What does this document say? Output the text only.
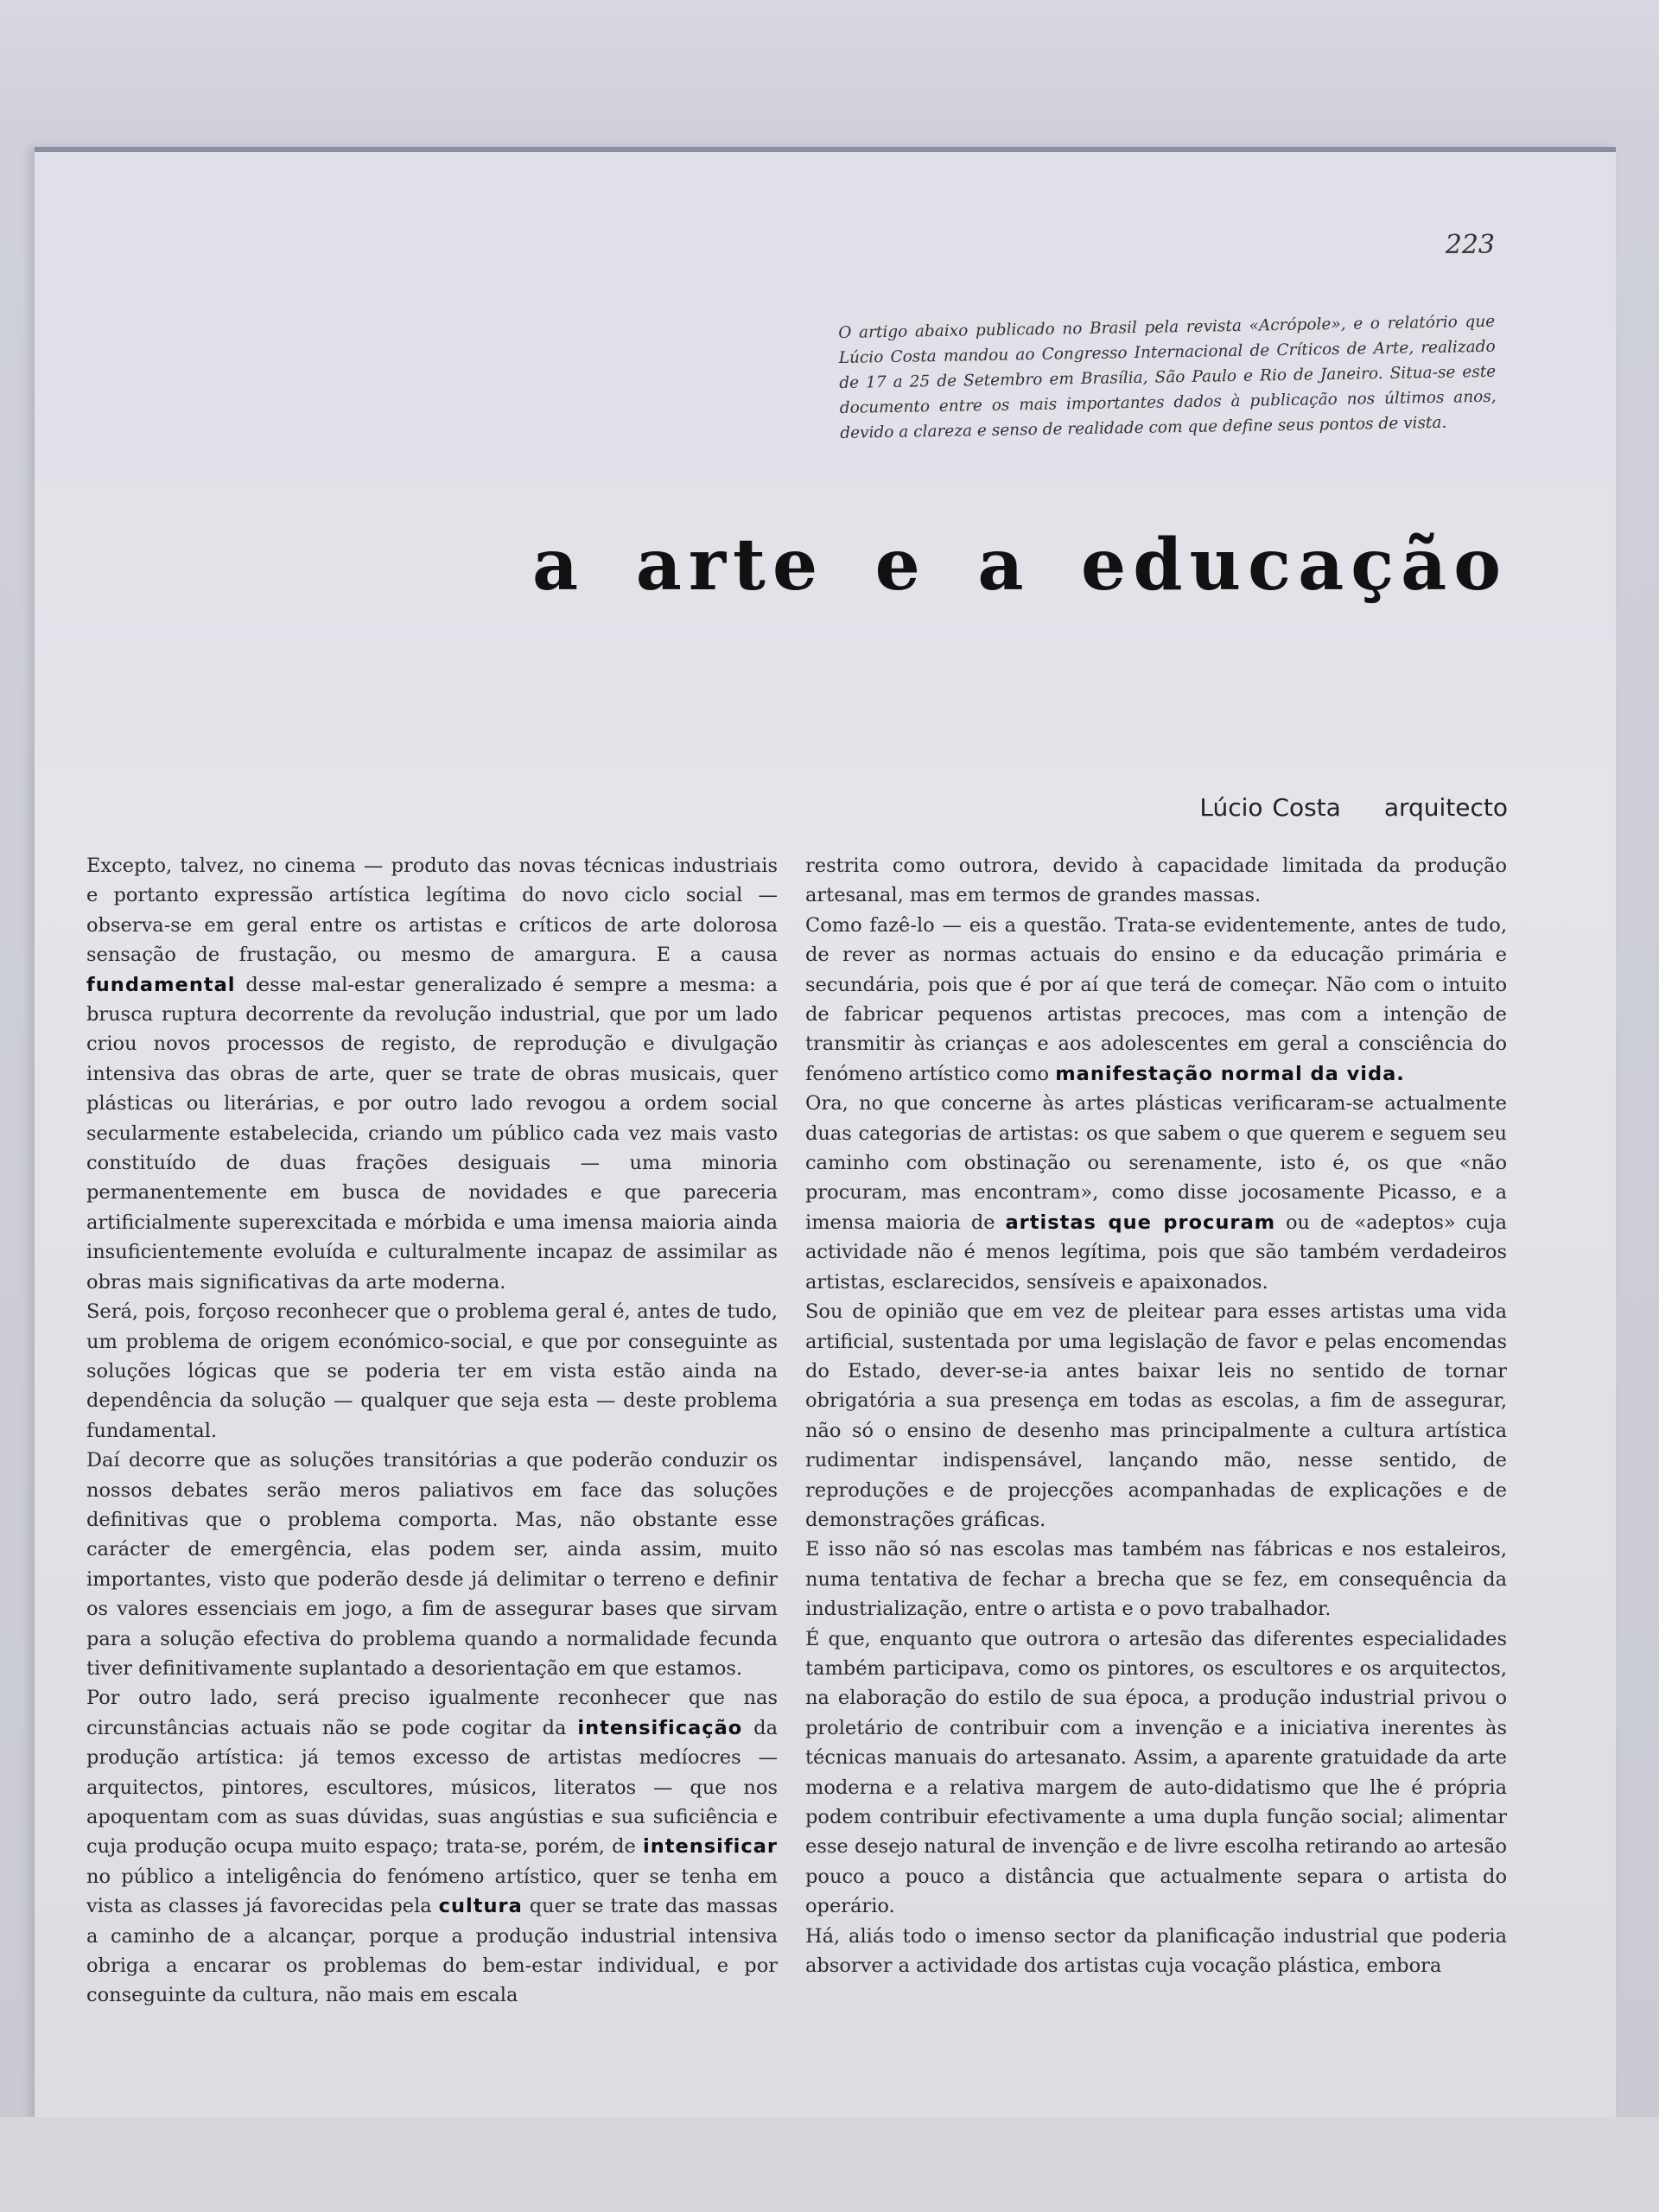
223
O artigo abaixo publicado no Brasil pela revista «Acrópole», e o relatório que Lúcio Costa mandou ao Congresso Internacional de Críticos de Arte, realizado de 17 a 25 de Setembro em Brasília, São Paulo e Rio de Janeiro. Situa-se este documento entre os mais importantes dados à publicação nos últimos anos, devido a clareza e senso de realidade com que define seus pontos de vista.
a arte e a educação
Lúcio Costa arquitecto

Excepto, talvez, no cinema — produto das novas técnicas industriais e portanto expressão artística legítima do novo ciclo social — observa-se em geral entre os artistas e críticos de arte dolorosa sensação de frustação, ou mesmo de amargura. E a causa fundamental desse mal-estar generalizado é sempre a mesma: a brusca ruptura decorrente da revolução industrial, que por um lado criou novos processos de registo, de reprodução e divulgação intensiva das obras de arte, quer se trate de obras musicais, quer plásticas ou literárias, e por outro lado revogou a ordem social secularmente estabelecida, criando um público cada vez mais vasto constituído de duas frações desiguais — uma minoria permanentemente em busca de novidades e que pareceria artificialmente superexcitada e mórbida e uma imensa maioria ainda insuficientemente evoluída e culturalmente incapaz de assimilar as obras mais significativas da arte moderna.

Será, pois, forçoso reconhecer que o problema geral é, antes de tudo, um problema de origem económico-social, e que por conseguinte as soluções lógicas que se poderia ter em vista estão ainda na dependência da solução — qualquer que seja esta — deste problema fundamental.

Daí decorre que as soluções transitórias a que poderão conduzir os nossos debates serão meros paliativos em face das soluções definitivas que o problema comporta. Mas, não obstante esse carácter de emergência, elas podem ser, ainda assim, muito importantes, visto que poderão desde já delimitar o terreno e definir os valores essenciais em jogo, a fim de assegurar bases que sirvam para a solução efectiva do problema quando a normalidade fecunda tiver definitivamente suplantado a desorientação em que estamos.

Por outro lado, será preciso igualmente reconhecer que nas circunstâncias actuais não se pode cogitar da intensificação da produção artística: já temos excesso de artistas medíocres — arquitectos, pintores, escultores, músicos, literatos — que nos apoquentam com as suas dúvidas, suas angústias e sua suficiência e cuja produção ocupa muito espaço; trata-se, porém, de intensificar no público a inteligência do fenómeno artístico, quer se tenha em vista as classes já favorecidas pela cultura quer se trate das massas a caminho de a alcançar, porque a produção industrial intensiva obriga a encarar os problemas do bem-estar individual, e por conseguinte da cultura, não mais em escala

restrita como outrora, devido à capacidade limitada da produção artesanal, mas em termos de grandes massas.

Como fazê-lo — eis a questão. Trata-se evidentemente, antes de tudo, de rever as normas actuais do ensino e da educação primária e secundária, pois que é por aí que terá de começar. Não com o intuito de fabricar pequenos artistas precoces, mas com a intenção de transmitir às crianças e aos adolescentes em geral a consciência do fenómeno artístico como manifestação normal da vida.

Ora, no que concerne às artes plásticas verificaram-se actualmente duas categorias de artistas: os que sabem o que querem e seguem seu caminho com obstinação ou serenamente, isto é, os que «não procuram, mas encontram», como disse jocosamente Picasso, e a imensa maioria de artistas que procuram ou de «adeptos» cuja actividade não é menos legítima, pois que são também verdadeiros artistas, esclarecidos, sensíveis e apaixonados.

Sou de opinião que em vez de pleitear para esses artistas uma vida artificial, sustentada por uma legislação de favor e pelas encomendas do Estado, dever-se-ia antes baixar leis no sentido de tornar obrigatória a sua presença em todas as escolas, a fim de assegurar, não só o ensino de desenho mas principalmente a cultura artística rudimentar indispensável, lançando mão, nesse sentido, de reproduções e de projecções acompanhadas de explicações e de demonstrações gráficas.

E isso não só nas escolas mas também nas fábricas e nos estaleiros, numa tentativa de fechar a brecha que se fez, em consequência da industrialização, entre o artista e o povo trabalhador.

É que, enquanto que outrora o artesão das diferentes especialidades também participava, como os pintores, os escultores e os arquitectos, na elaboração do estilo de sua época, a produção industrial privou o proletário de contribuir com a invenção e a iniciativa inerentes às técnicas manuais do artesanato. Assim, a aparente gratuidade da arte moderna e a relativa margem de auto-didatismo que lhe é própria podem contribuir efectivamente a uma dupla função social; alimentar esse desejo natural de invenção e de livre escolha retirando ao artesão pouco a pouco a distância que actualmente separa o artista do operário.

Há, aliás todo o imenso sector da planificação industrial que poderia absorver a actividade dos artistas cuja vocação plástica, embora
